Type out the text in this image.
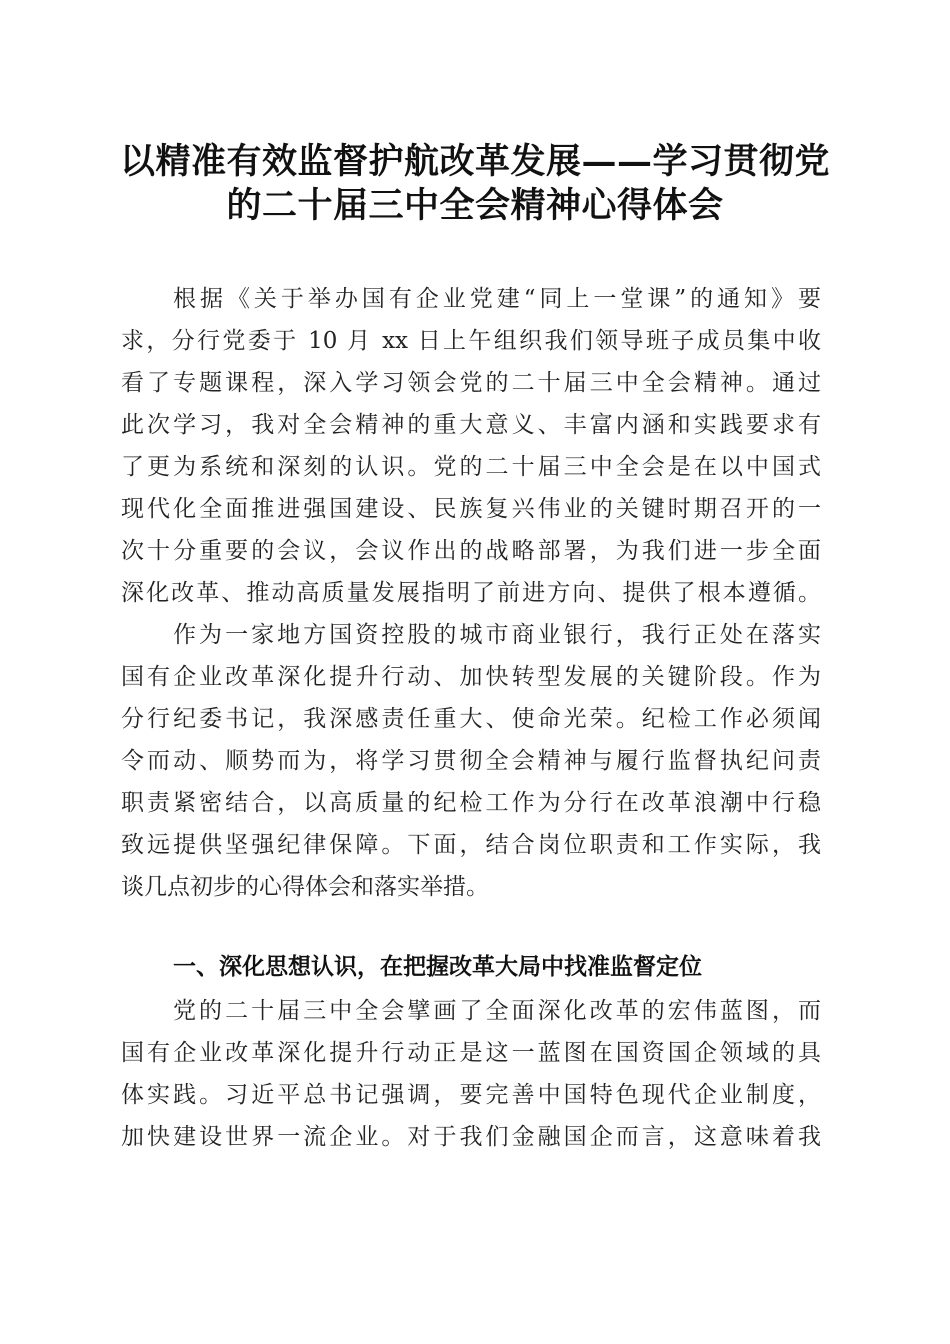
以精准有效监督护航改革发展——学习贯彻党
的二十届三中全会精神心得体会
根据《关于举办国有企业党建“同上一堂课”的通知》要
求，分行党委于 10 月 xx 日上午组织我们领导班子成员集中收
看了专题课程，深入学习领会党的二十届三中全会精神。通过
此次学习，我对全会精神的重大意义、丰富内涵和实践要求有
了更为系统和深刻的认识。党的二十届三中全会是在以中国式
现代化全面推进强国建设、民族复兴伟业的关键时期召开的一
次十分重要的会议，会议作出的战略部署，为我们进一步全面
深化改革、推动高质量发展指明了前进方向、提供了根本遵循。
作为一家地方国资控股的城市商业银行，我行正处在落实
国有企业改革深化提升行动、加快转型发展的关键阶段。作为
分行纪委书记，我深感责任重大、使命光荣。纪检工作必须闻
令而动、顺势而为，将学习贯彻全会精神与履行监督执纪问责
职责紧密结合，以高质量的纪检工作为分行在改革浪潮中行稳
致远提供坚强纪律保障。下面，结合岗位职责和工作实际，我
谈几点初步的心得体会和落实举措。
一、深化思想认识，在把握改革大局中找准监督定位
党的二十届三中全会擘画了全面深化改革的宏伟蓝图，而
国有企业改革深化提升行动正是这一蓝图在国资国企领域的具
体实践。习近平总书记强调，要完善中国特色现代企业制度，
加快建设世界一流企业。对于我们金融国企而言，这意味着我
